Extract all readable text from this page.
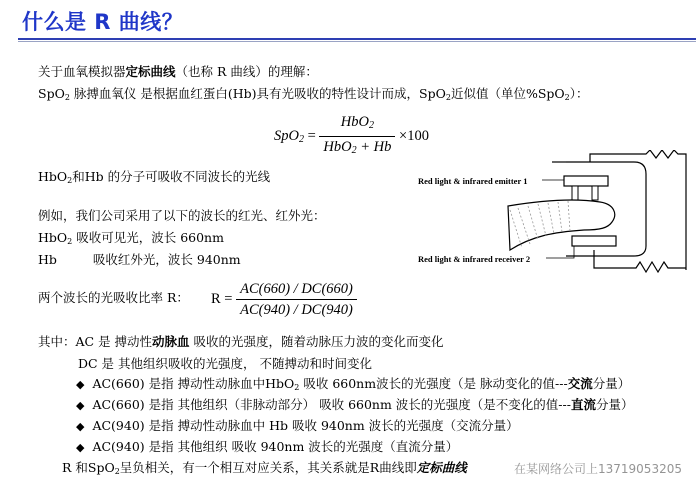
什么是 R 曲线？
关于血氧模拟器定标曲线（也称 R 曲线）的理解：
SpO$_2$ 脉搏血氧仪 是根据血红蛋白(Hb)具有光吸收的特性设计而成，SpO$_2$近似值（单位%SpO$_2$）：
$SpO_2 = \frac{HbO_2}{HbO_2 + Hb} \times 100$
HbO$_2$和Hb 的分子可吸收不同波长的光线
例如，我们公司采用了以下的波长的红光、红外光：
HbO$_2$ 吸收可见光，波长 660nm
Hb	吸收红外光，波长 940nm
两个波长的光吸收比率 R： $R = \frac{AC(660) / DC(660)}{AC(940) / DC(940)}$
其中：AC 是 搏动性动脉血 吸收的光强度，随着动脉压力波的变化而变化
DC 是 其他组织吸收的光强度， 不随搏动和时间变化
◆ AC(660) 是指 搏动性动脉血中HbO$_2$ 吸收 660nm波长的光强度（是 脉动变化的值---交流分量）
◆ AC(660) 是指 其他组织（非脉动部分） 吸收 660nm 波长的光强度（是不变化的值---直流分量）
◆ AC(940) 是指 搏动性动脉血中 Hb 吸收 940nm 波长的光强度（交流分量）
◆ AC(940) 是指 其他组织 吸收 940nm 波长的光强度（直流分量）
R 和SpO$_2$呈负相关，有一个相互对应关系，其关系就是R曲线即定标曲线	在某网络公司上13719053205
Red light & infrared emitter 1
Red light & infrared receiver 2
